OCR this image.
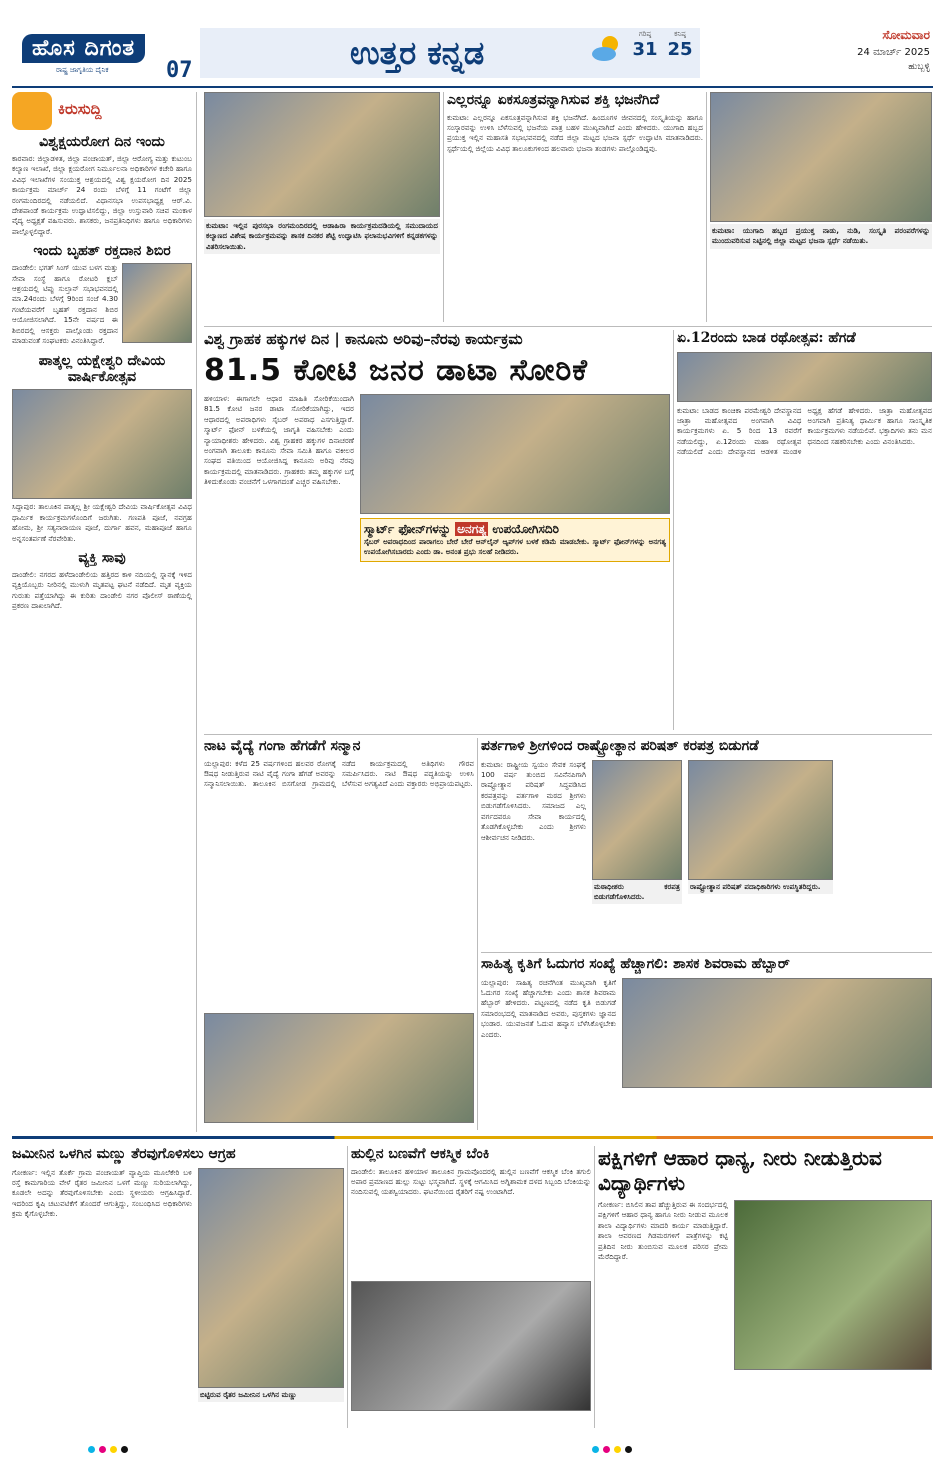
ಹೊಸ ದಿಗಂತ
ರಾಷ್ಟ್ರ ಜಾಗೃತಿಯ ದೈನಿಕ	07	ಉತ್ತರ ಕನ್ನಡ	ಗರಿಷ್ಠ
31
ಕನಿಷ್ಠ
25
ಸೋಮವಾರ
24 ಮಾರ್ಚ್ 2025
ಹುಬ್ಬಳ್ಳಿ
ಕಿರುಸುದ್ದಿ
ವಿಶ್ವಕ್ಷಯರೋಗ ದಿನ ಇಂದು

ಕಾರವಾರ: ಜಿಲ್ಲಾಡಳಿತ, ಜಿಲ್ಲಾ ಪಂಚಾಯತ್, ಜಿಲ್ಲಾ ಆರೋಗ್ಯ ಮತ್ತು ಕುಟುಂಬ ಕಲ್ಯಾಣ ಇಲಾಖೆ, ಜಿಲ್ಲಾ ಕ್ಷಯರೋಗ ನಿರ್ಮೂಲನಾ ಅಧಿಕಾರಿಗಳ ಕಚೇರಿ ಹಾಗೂ ವಿವಿಧ ಇಲಾಖೆಗಳ ಸಂಯುಕ್ತ ಆಶ್ರಯದಲ್ಲಿ ವಿಶ್ವ ಕ್ಷಯರೋಗ ದಿನ 2025 ಕಾರ್ಯಕ್ರಮ ಮಾರ್ಚ್ 24 ರಂದು ಬೆಳಗ್ಗೆ 11 ಗಂಟೆಗೆ ಜಿಲ್ಲಾ ರಂಗಮಂದಿರದಲ್ಲಿ ನಡೆಯಲಿದೆ. ವಿಧಾನಸಭಾ ಉಪಸಭಾಧ್ಯಕ್ಷ ಆರ್.ವಿ. ದೇಶಪಾಂಡೆ ಕಾರ್ಯಕ್ರಮ ಉದ್ಘಾಟಿಸಲಿದ್ದು, ಜಿಲ್ಲಾ ಉಸ್ತುವಾರಿ ಸಚಿವ ಮಂಕಾಳ ವೈದ್ಯ ಅಧ್ಯಕ್ಷತೆ ವಹಿಸುವರು. ಶಾಸಕರು, ಜನಪ್ರತಿನಿಧಿಗಳು ಹಾಗೂ ಅಧಿಕಾರಿಗಳು ಪಾಲ್ಗೊಳ್ಳಲಿದ್ದಾರೆ.

ಇಂದು ಬೃಹತ್ ರಕ್ತದಾನ ಶಿಬಿರ

ದಾಂಡೇಲಿ: ಭಗತ್ ಸಿಂಗ್ ಯುವ ಬಳಗ ಮತ್ತು ಸೇವಾ ಸಂಸ್ಥೆ ಹಾಗೂ ರೋಟರಿ ಕ್ಲಬ್ ಆಶ್ರಯದಲ್ಲಿ ಟಿಪ್ಪು ಸುಲ್ತಾನ್ ಸಭಾಭವನದಲ್ಲಿ ಮಾ.24ರಂದು ಬೆಳಗ್ಗೆ 9ರಿಂದ ಸಂಜೆ 4.30 ಗಂಟೆಯವರೆಗೆ ಬೃಹತ್ ರಕ್ತದಾನ ಶಿಬಿರ ಆಯೋಜಿಸಲಾಗಿದೆ. 15ನೇ ವರ್ಷದ ಈ ಶಿಬಿರದಲ್ಲಿ ಆಸಕ್ತರು ಪಾಲ್ಗೊಂಡು ರಕ್ತದಾನ ಮಾಡುವಂತೆ ಸಂಘಟಕರು ವಿನಂತಿಸಿದ್ದಾರೆ.

ಪಾತ್ಕಲ್ಲ ಯಕ್ಷೇಶ್ವರಿ ದೇವಿಯ ವಾರ್ಷಿಕೋತ್ಸವ

ಸಿದ್ದಾಪುರ: ತಾಲೂಕಿನ ಪಾತ್ಕಲ್ಲ ಶ್ರೀ ಯಕ್ಷೇಶ್ವರಿ ದೇವಿಯ ವಾರ್ಷಿಕೋತ್ಸವ ವಿವಿಧ ಧಾರ್ಮಿಕ ಕಾರ್ಯಕ್ರಮಗಳೊಂದಿಗೆ ಜರುಗಿತು. ಗಣಪತಿ ಪೂಜೆ, ನವಗ್ರಹ ಹೋಮ, ಶ್ರೀ ಸತ್ಯನಾರಾಯಣ ಪೂಜೆ, ದುರ್ಗಾ ಹವನ, ಮಹಾಪೂಜೆ ಹಾಗೂ ಅನ್ನಸಂತರ್ಪಣೆ ನೆರವೇರಿತು.

ವ್ಯಕ್ತಿ ಸಾವು

ದಾಂಡೇಲಿ: ನಗರದ ಹಳೆದಾಂಡೇಲಿಯ ಹತ್ತಿರದ ಕಾಳಿ ನದಿಯಲ್ಲಿ ಸ್ನಾನಕ್ಕೆ ಇಳಿದ ವ್ಯಕ್ತಿಯೊಬ್ಬರು ನೀರಿನಲ್ಲಿ ಮುಳುಗಿ ಮೃತಪಟ್ಟ ಘಟನೆ ನಡೆದಿದೆ. ಮೃತ ವ್ಯಕ್ತಿಯ ಗುರುತು ಪತ್ತೆಯಾಗಿದ್ದು ಈ ಕುರಿತು ದಾಂಡೇಲಿ ನಗರ ಪೊಲೀಸ್ ಠಾಣೆಯಲ್ಲಿ ಪ್ರಕರಣ ದಾಖಲಾಗಿದೆ.

ಕುಮಟಾ: ಇಲ್ಲಿನ ಪುರಸಭಾ ರಂಗಮಂದಿರದಲ್ಲಿ ಆಡಾಹಿರಾ ಕಾರ್ಯಕ್ರಮದಡಿಯಲ್ಲಿ ಸಮುದಾಯದ ಕಲ್ಯಾಣದ ವಿಶೇಷ ಕಾರ್ಯಕ್ರಮವನ್ನು ಶಾಸಕ ದಿನಕರ ಶೆಟ್ಟಿ ಉದ್ಘಾಟಿಸಿ ಫಲಾನುಭವಿಗಳಿಗೆ ಕನ್ನಡಕಗಳನ್ನು ವಿತರಿಸಲಾಯಿತು.

ಎಲ್ಲರನ್ನೂ ಏಕಸೂತ್ರವನ್ನಾಗಿಸುವ ಶಕ್ತಿ ಭಜನೆಗಿದೆ

ಕುಮಟಾ: ಎಲ್ಲರನ್ನೂ ಏಕಸೂತ್ರವನ್ನಾಗಿಸುವ ಶಕ್ತಿ ಭಜನೆಗಿದೆ. ಹಿಂದೂಗಳ ಜೀವನದಲ್ಲಿ ಸಂಸ್ಕೃತಿಯನ್ನು ಹಾಗೂ ಸಂಸ್ಕಾರವನ್ನು ಉಳಿಸಿ ಬೆಳೆಸುವಲ್ಲಿ ಭಜನೆಯ ಪಾತ್ರ ಬಹಳ ಮುಖ್ಯವಾಗಿದೆ ಎಂದು ಹೇಳಿದರು. ಯುಗಾದಿ ಹಬ್ಬದ ಪ್ರಯುಕ್ತ ಇಲ್ಲಿನ ಮಹಾಸತಿ ಸಭಾಭವನದಲ್ಲಿ ನಡೆದ ಜಿಲ್ಲಾ ಮಟ್ಟದ ಭಜನಾ ಸ್ಪರ್ಧೆ ಉದ್ಘಾಟಿಸಿ ಮಾತನಾಡಿದರು. ಸ್ಪರ್ಧೆಯಲ್ಲಿ ಜಿಲ್ಲೆಯ ವಿವಿಧ ತಾಲೂಕುಗಳಿಂದ ಹಲವಾರು ಭಜನಾ ತಂಡಗಳು ಪಾಲ್ಗೊಂಡಿದ್ದವು.

ಕುಮಟಾ: ಯುಗಾದಿ ಹಬ್ಬದ ಪ್ರಯುಕ್ತ ನಾಡು, ನುಡಿ, ಸಂಸ್ಕೃತಿ ಪರಂಪರೆಗಳನ್ನು ಮುಂದುವರಿಸುವ ನಿಟ್ಟಿನಲ್ಲಿ ಜಿಲ್ಲಾ ಮಟ್ಟದ ಭಜನಾ ಸ್ಪರ್ಧೆ ನಡೆಯಿತು.

ವಿಶ್ವ ಗ್ರಾಹಕ ಹಕ್ಕುಗಳ ದಿನ | ಕಾನೂನು ಅರಿವು–ನೆರವು ಕಾರ್ಯಕ್ರಮ
81.5 ಕೋಟಿ ಜನರ ಡಾಟಾ ಸೋರಿಕೆ

ಹಳಿಯಾಳ: ಈಗಾಗಲೇ ಆಧಾರ ಮಾಹಿತಿ ಸೋರಿಕೆಯಿಂದಾಗಿ 81.5 ಕೋಟಿ ಜನರ ಡಾಟಾ ಸೋರಿಕೆಯಾಗಿದ್ದು, ಇದರ ಆಧಾರದಲ್ಲಿ ಅಪರಾಧಿಗಳು ಸೈಬರ್ ಅಪರಾಧ ಎಸಗುತ್ತಿದ್ದಾರೆ. ಸ್ಮಾರ್ಟ್ ಫೋನ್ ಬಳಕೆಯಲ್ಲಿ ಜಾಗೃತಿ ವಹಿಸಬೇಕು ಎಂದು ನ್ಯಾಯಾಧೀಶರು ಹೇಳಿದರು. ವಿಶ್ವ ಗ್ರಾಹಕರ ಹಕ್ಕುಗಳ ದಿನಾಚರಣೆ ಅಂಗವಾಗಿ ತಾಲೂಕು ಕಾನೂನು ಸೇವಾ ಸಮಿತಿ ಹಾಗೂ ವಕೀಲರ ಸಂಘದ ವತಿಯಿಂದ ಆಯೋಜಿಸಿದ್ದ ಕಾನೂನು ಅರಿವು ನೆರವು ಕಾರ್ಯಕ್ರಮದಲ್ಲಿ ಮಾತನಾಡಿದರು. ಗ್ರಾಹಕರು ತಮ್ಮ ಹಕ್ಕುಗಳ ಬಗ್ಗೆ ತಿಳಿದುಕೊಂಡು ವಂಚನೆಗೆ ಒಳಗಾಗದಂತೆ ಎಚ್ಚರ ವಹಿಸಬೇಕು.

ಸ್ಮಾರ್ಟ್ ಫೋನ್‌ಗಳನ್ನು ಅನಗತ್ಯ ಉಪಯೋಗಿಸದಿರಿ

ಸೈಬರ್ ಅಪರಾಧದಿಂದ ಪಾರಾಗಲು ಬೇರೆ ಬೇರೆ ಆನ್‌ಲೈನ್ ಆ್ಯಪ್‌ಗಳ ಬಳಕೆ ಕಡಿಮೆ ಮಾಡಬೇಕು. ಸ್ಮಾರ್ಟ್ ಫೋನ್‌ಗಳನ್ನು ಅನಗತ್ಯ ಉಪಯೋಗಿಸಬಾರದು ಎಂದು ಡಾ. ಅನಂತ ಪ್ರಭು ಸಲಹೆ ನೀಡಿದರು.

ಏ.12ರಂದು ಬಾಡ ರಥೋತ್ಸವ: ಹೆಗಡೆ

ಕುಮಟಾ: ಬಾಡದ ಕಾಂಚಿಕಾ ಪರಮೇಶ್ವರಿ ದೇವಸ್ಥಾನದ ಜಾತ್ರಾ ಮಹೋತ್ಸವದ ಅಂಗವಾಗಿ ವಿವಿಧ ಕಾರ್ಯಕ್ರಮಗಳು ಏ. 5 ರಿಂದ 13 ರವರೆಗೆ ನಡೆಯಲಿದ್ದು, ಏ.12ರಂದು ಮಹಾ ರಥೋತ್ಸವ ನಡೆಯಲಿದೆ ಎಂದು ದೇವಸ್ಥಾನದ ಆಡಳಿತ ಮಂಡಳಿ ಅಧ್ಯಕ್ಷ ಹೆಗಡೆ ಹೇಳಿದರು. ಜಾತ್ರಾ ಮಹೋತ್ಸವದ ಅಂಗವಾಗಿ ಪ್ರತಿನಿತ್ಯ ಧಾರ್ಮಿಕ ಹಾಗೂ ಸಾಂಸ್ಕೃತಿಕ ಕಾರ್ಯಕ್ರಮಗಳು ನಡೆಯಲಿವೆ. ಭಕ್ತಾದಿಗಳು ತನು ಮನ ಧನದಿಂದ ಸಹಕರಿಸಬೇಕು ಎಂದು ವಿನಂತಿಸಿದರು.

ನಾಟ ವೈದ್ಯೆ ಗಂಗಾ ಹೆಗಡೆಗೆ ಸನ್ಮಾನ

ಯಲ್ಲಾಪುರ: ಕಳೆದ 25 ವರ್ಷಗಳಿಂದ ಹಲವರ ರೋಗಕ್ಕೆ ಔಷಧ ನೀಡುತ್ತಿರುವ ನಾಟಿ ವೈದ್ಯೆ ಗಂಗಾ ಹೆಗಡೆ ಅವರನ್ನು ಸನ್ಮಾನಿಸಲಾಯಿತು. ತಾಲೂಕಿನ ಬಿಸಗೋಡ ಗ್ರಾಮದಲ್ಲಿ ನಡೆದ ಕಾರ್ಯಕ್ರಮದಲ್ಲಿ ಅತಿಥಿಗಳು ಗೌರವ ಸಮರ್ಪಿಸಿದರು. ನಾಟಿ ಔಷಧ ಪದ್ಧತಿಯನ್ನು ಉಳಿಸಿ ಬೆಳೆಸುವ ಅಗತ್ಯವಿದೆ ಎಂದು ವಕ್ತಾರರು ಅಭಿಪ್ರಾಯಪಟ್ಟರು.

ಪರ್ತಗಾಳಿ ಶ್ರೀಗಳಿಂದ ರಾಷ್ಟ್ರೋತ್ಥಾನ ಪರಿಷತ್ ಕರಪತ್ರ ಬಿಡುಗಡೆ

ಕುಮಟಾ: ರಾಷ್ಟ್ರೀಯ ಸ್ವಯಂ ಸೇವಕ ಸಂಘಕ್ಕೆ 100 ವರ್ಷ ತುಂಬಿದ ಸವಿನೆನಪಿಗಾಗಿ ರಾಷ್ಟ್ರೋತ್ಥಾನ ಪರಿಷತ್ ಸಿದ್ಧಪಡಿಸಿದ ಕರಪತ್ರವನ್ನು ಪರ್ತಗಾಳಿ ಮಠದ ಶ್ರೀಗಳು ಬಿಡುಗಡೆಗೊಳಿಸಿದರು. ಸಮಾಜದ ಎಲ್ಲ ವರ್ಗದವರೂ ಸೇವಾ ಕಾರ್ಯದಲ್ಲಿ ತೊಡಗಿಕೊಳ್ಳಬೇಕು ಎಂದು ಶ್ರೀಗಳು ಆಶೀರ್ವಚನ ನೀಡಿದರು.

ಮಠಾಧೀಶರು ಕರಪತ್ರ ಬಿಡುಗಡೆಗೊಳಿಸಿದರು.

ರಾಷ್ಟ್ರೋತ್ಥಾನ ಪರಿಷತ್ ಪದಾಧಿಕಾರಿಗಳು ಉಪಸ್ಥಿತರಿದ್ದರು.

ಸಾಹಿತ್ಯ ಕೃತಿಗೆ ಓದುಗರ ಸಂಖ್ಯೆ ಹೆಚ್ಚಾಗಲಿ: ಶಾಸಕ ಶಿವರಾಮ ಹೆಬ್ಬಾರ್

ಯಲ್ಲಾಪುರ: ಸಾಹಿತ್ಯ ರಚನೆಗಿಂತ ಮುಖ್ಯವಾಗಿ ಕೃತಿಗೆ ಓದುಗರ ಸಂಖ್ಯೆ ಹೆಚ್ಚಾಗಬೇಕು ಎಂದು ಶಾಸಕ ಶಿವರಾಮ ಹೆಬ್ಬಾರ್ ಹೇಳಿದರು. ಪಟ್ಟಣದಲ್ಲಿ ನಡೆದ ಕೃತಿ ಬಿಡುಗಡೆ ಸಮಾರಂಭದಲ್ಲಿ ಮಾತನಾಡಿದ ಅವರು, ಪುಸ್ತಕಗಳು ಜ್ಞಾನದ ಭಂಡಾರ. ಯುವಜನತೆ ಓದುವ ಹವ್ಯಾಸ ಬೆಳೆಸಿಕೊಳ್ಳಬೇಕು ಎಂದರು.

ಜಮೀನಿನ ಒಳಗಿನ ಮಣ್ಣು ತೆರವುಗೊಳಿಸಲು ಆಗ್ರಹ

ಗೋಕರ್ಣ: ಇಲ್ಲಿನ ತೊರ್ಕೆ ಗ್ರಾಮ ಪಂಚಾಯತ್ ವ್ಯಾಪ್ತಿಯ ಮೂಲೆಕೇರಿ ಬಳಿ ರಸ್ತೆ ಕಾಮಗಾರಿಯ ವೇಳೆ ರೈತರ ಜಮೀನಿನ ಒಳಗೆ ಮಣ್ಣು ಸುರಿಯಲಾಗಿದ್ದು, ಕೂಡಲೇ ಅದನ್ನು ತೆರವುಗೊಳಿಸಬೇಕು ಎಂದು ಸ್ಥಳೀಯರು ಆಗ್ರಹಿಸಿದ್ದಾರೆ. ಇದರಿಂದ ಕೃಷಿ ಚಟುವಟಿಕೆಗೆ ತೊಂದರೆ ಆಗುತ್ತಿದ್ದು, ಸಂಬಂಧಿಸಿದ ಅಧಿಕಾರಿಗಳು ಕ್ರಮ ಕೈಗೊಳ್ಳಬೇಕು.

ಬಿಟ್ಟಿರುವ ರೈತರ ಜಮೀನಿನ ಒಳಗಿನ ಮಣ್ಣು

ಹುಲ್ಲಿನ ಬಣವೆಗೆ ಆಕಸ್ಮಿಕ ಬೆಂಕಿ

ದಾಂಡೇಲಿ: ತಾಲೂಕಿನ ಹಳಿಯಾಳ ತಾಲೂಕಿನ ಗ್ರಾಮವೊಂದರಲ್ಲಿ ಹುಲ್ಲಿನ ಬಣವೆಗೆ ಆಕಸ್ಮಿಕ ಬೆಂಕಿ ತಗುಲಿ ಅಪಾರ ಪ್ರಮಾಣದ ಹುಲ್ಲು ಸುಟ್ಟು ಭಸ್ಮವಾಗಿದೆ. ಸ್ಥಳಕ್ಕೆ ಆಗಮಿಸಿದ ಅಗ್ನಿಶಾಮಕ ದಳದ ಸಿಬ್ಬಂದಿ ಬೆಂಕಿಯನ್ನು ನಂದಿಸುವಲ್ಲಿ ಯಶಸ್ವಿಯಾದರು. ಘಟನೆಯಿಂದ ರೈತರಿಗೆ ನಷ್ಟ ಉಂಟಾಗಿದೆ.

ಪಕ್ಷಿಗಳಿಗೆ ಆಹಾರ ಧಾನ್ಯ, ನೀರು ನೀಡುತ್ತಿರುವ ವಿದ್ಯಾರ್ಥಿಗಳು

ಗೋಕರ್ಣ: ಬಿಸಿಲಿನ ತಾಪ ಹೆಚ್ಚುತ್ತಿರುವ ಈ ಸಂದರ್ಭದಲ್ಲಿ ಪಕ್ಷಿಗಳಿಗೆ ಆಹಾರ ಧಾನ್ಯ ಹಾಗೂ ನೀರು ನೀಡುವ ಮೂಲಕ ಶಾಲಾ ವಿದ್ಯಾರ್ಥಿಗಳು ಮಾದರಿ ಕಾರ್ಯ ಮಾಡುತ್ತಿದ್ದಾರೆ. ಶಾಲಾ ಆವರಣದ ಗಿಡಮರಗಳಿಗೆ ಪಾತ್ರೆಗಳನ್ನು ಕಟ್ಟಿ ಪ್ರತಿದಿನ ನೀರು ತುಂಬಿಸುವ ಮೂಲಕ ಪರಿಸರ ಪ್ರೇಮ ಮೆರೆದಿದ್ದಾರೆ.
